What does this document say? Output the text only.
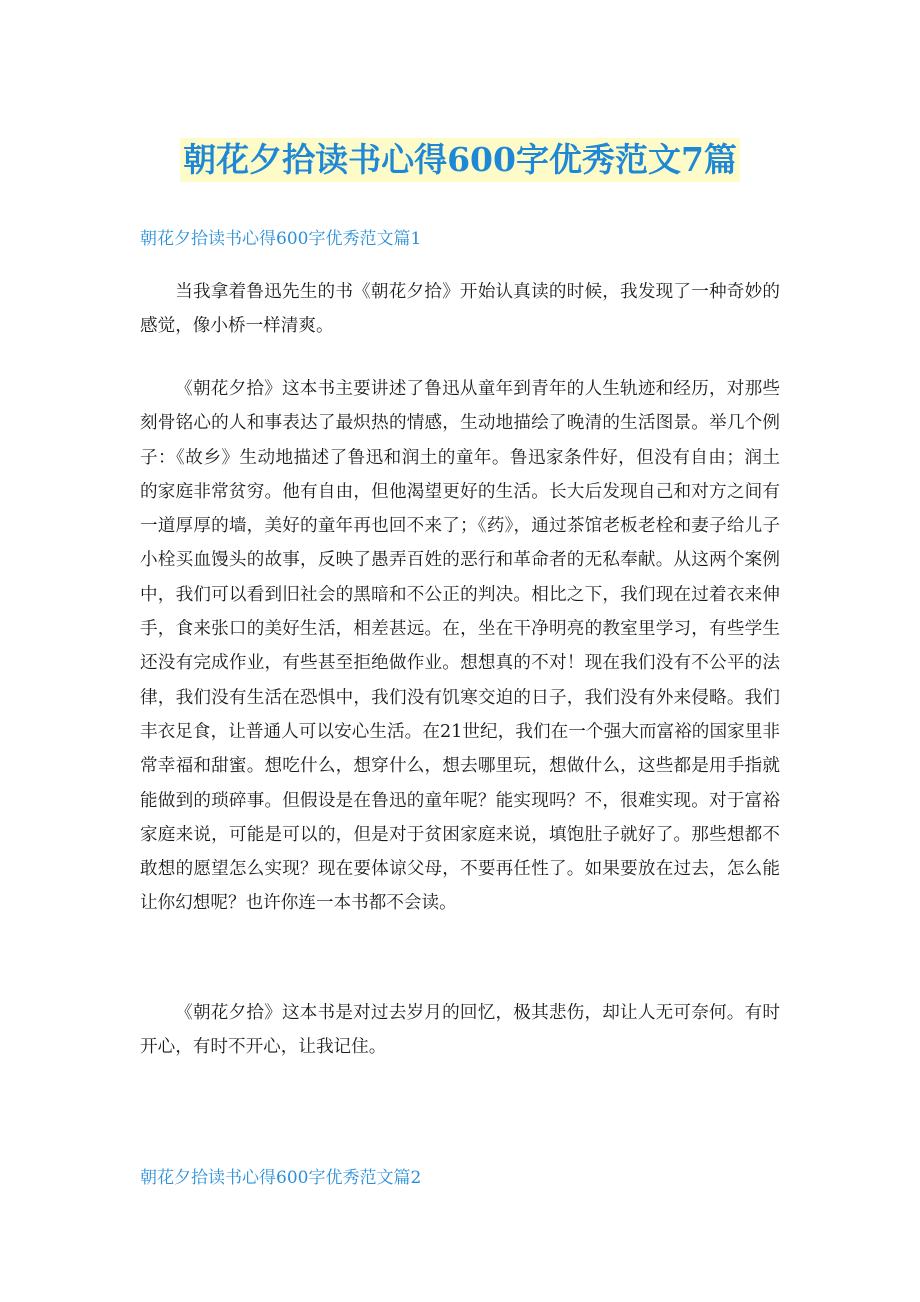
朝花夕拾读书心得600字优秀范文7篇
朝花夕拾读书心得600字优秀范文篇1

当我拿着鲁迅先生的书《朝花夕拾》开始认真读的时候，我发现了一种奇妙的感觉，像小桥一样清爽。

《朝花夕拾》这本书主要讲述了鲁迅从童年到青年的人生轨迹和经历，对那些刻骨铭心的人和事表达了最炽热的情感，生动地描绘了晚清的生活图景。举几个例子：《故乡》生动地描述了鲁迅和润土的童年。鲁迅家条件好，但没有自由；润土的家庭非常贫穷。他有自由，但他渴望更好的生活。长大后发现自己和对方之间有一道厚厚的墙，美好的童年再也回不来了；《药》，通过茶馆老板老栓和妻子给儿子小栓买血馒头的故事，反映了愚弄百姓的恶行和革命者的无私奉献。从这两个案例中，我们可以看到旧社会的黑暗和不公正的判决。相比之下，我们现在过着衣来伸手，食来张口的美好生活，相差甚远。在，坐在干净明亮的教室里学习，有些学生还没有完成作业，有些甚至拒绝做作业。想想真的不对！现在我们没有不公平的法律，我们没有生活在恐惧中，我们没有饥寒交迫的日子，我们没有外来侵略。我们丰衣足食，让普通人可以安心生活。在21世纪，我们在一个强大而富裕的国家里非常幸福和甜蜜。想吃什么，想穿什么，想去哪里玩，想做什么，这些都是用手指就能做到的琐碎事。但假设是在鲁迅的童年呢？能实现吗？不，很难实现。对于富裕家庭来说，可能是可以的，但是对于贫困家庭来说，填饱肚子就好了。那些想都不敢想的愿望怎么实现？现在要体谅父母，不要再任性了。如果要放在过去，怎么能让你幻想呢？也许你连一本书都不会读。

《朝花夕拾》这本书是对过去岁月的回忆，极其悲伤，却让人无可奈何。有时开心，有时不开心，让我记住。

朝花夕拾读书心得600字优秀范文篇2
